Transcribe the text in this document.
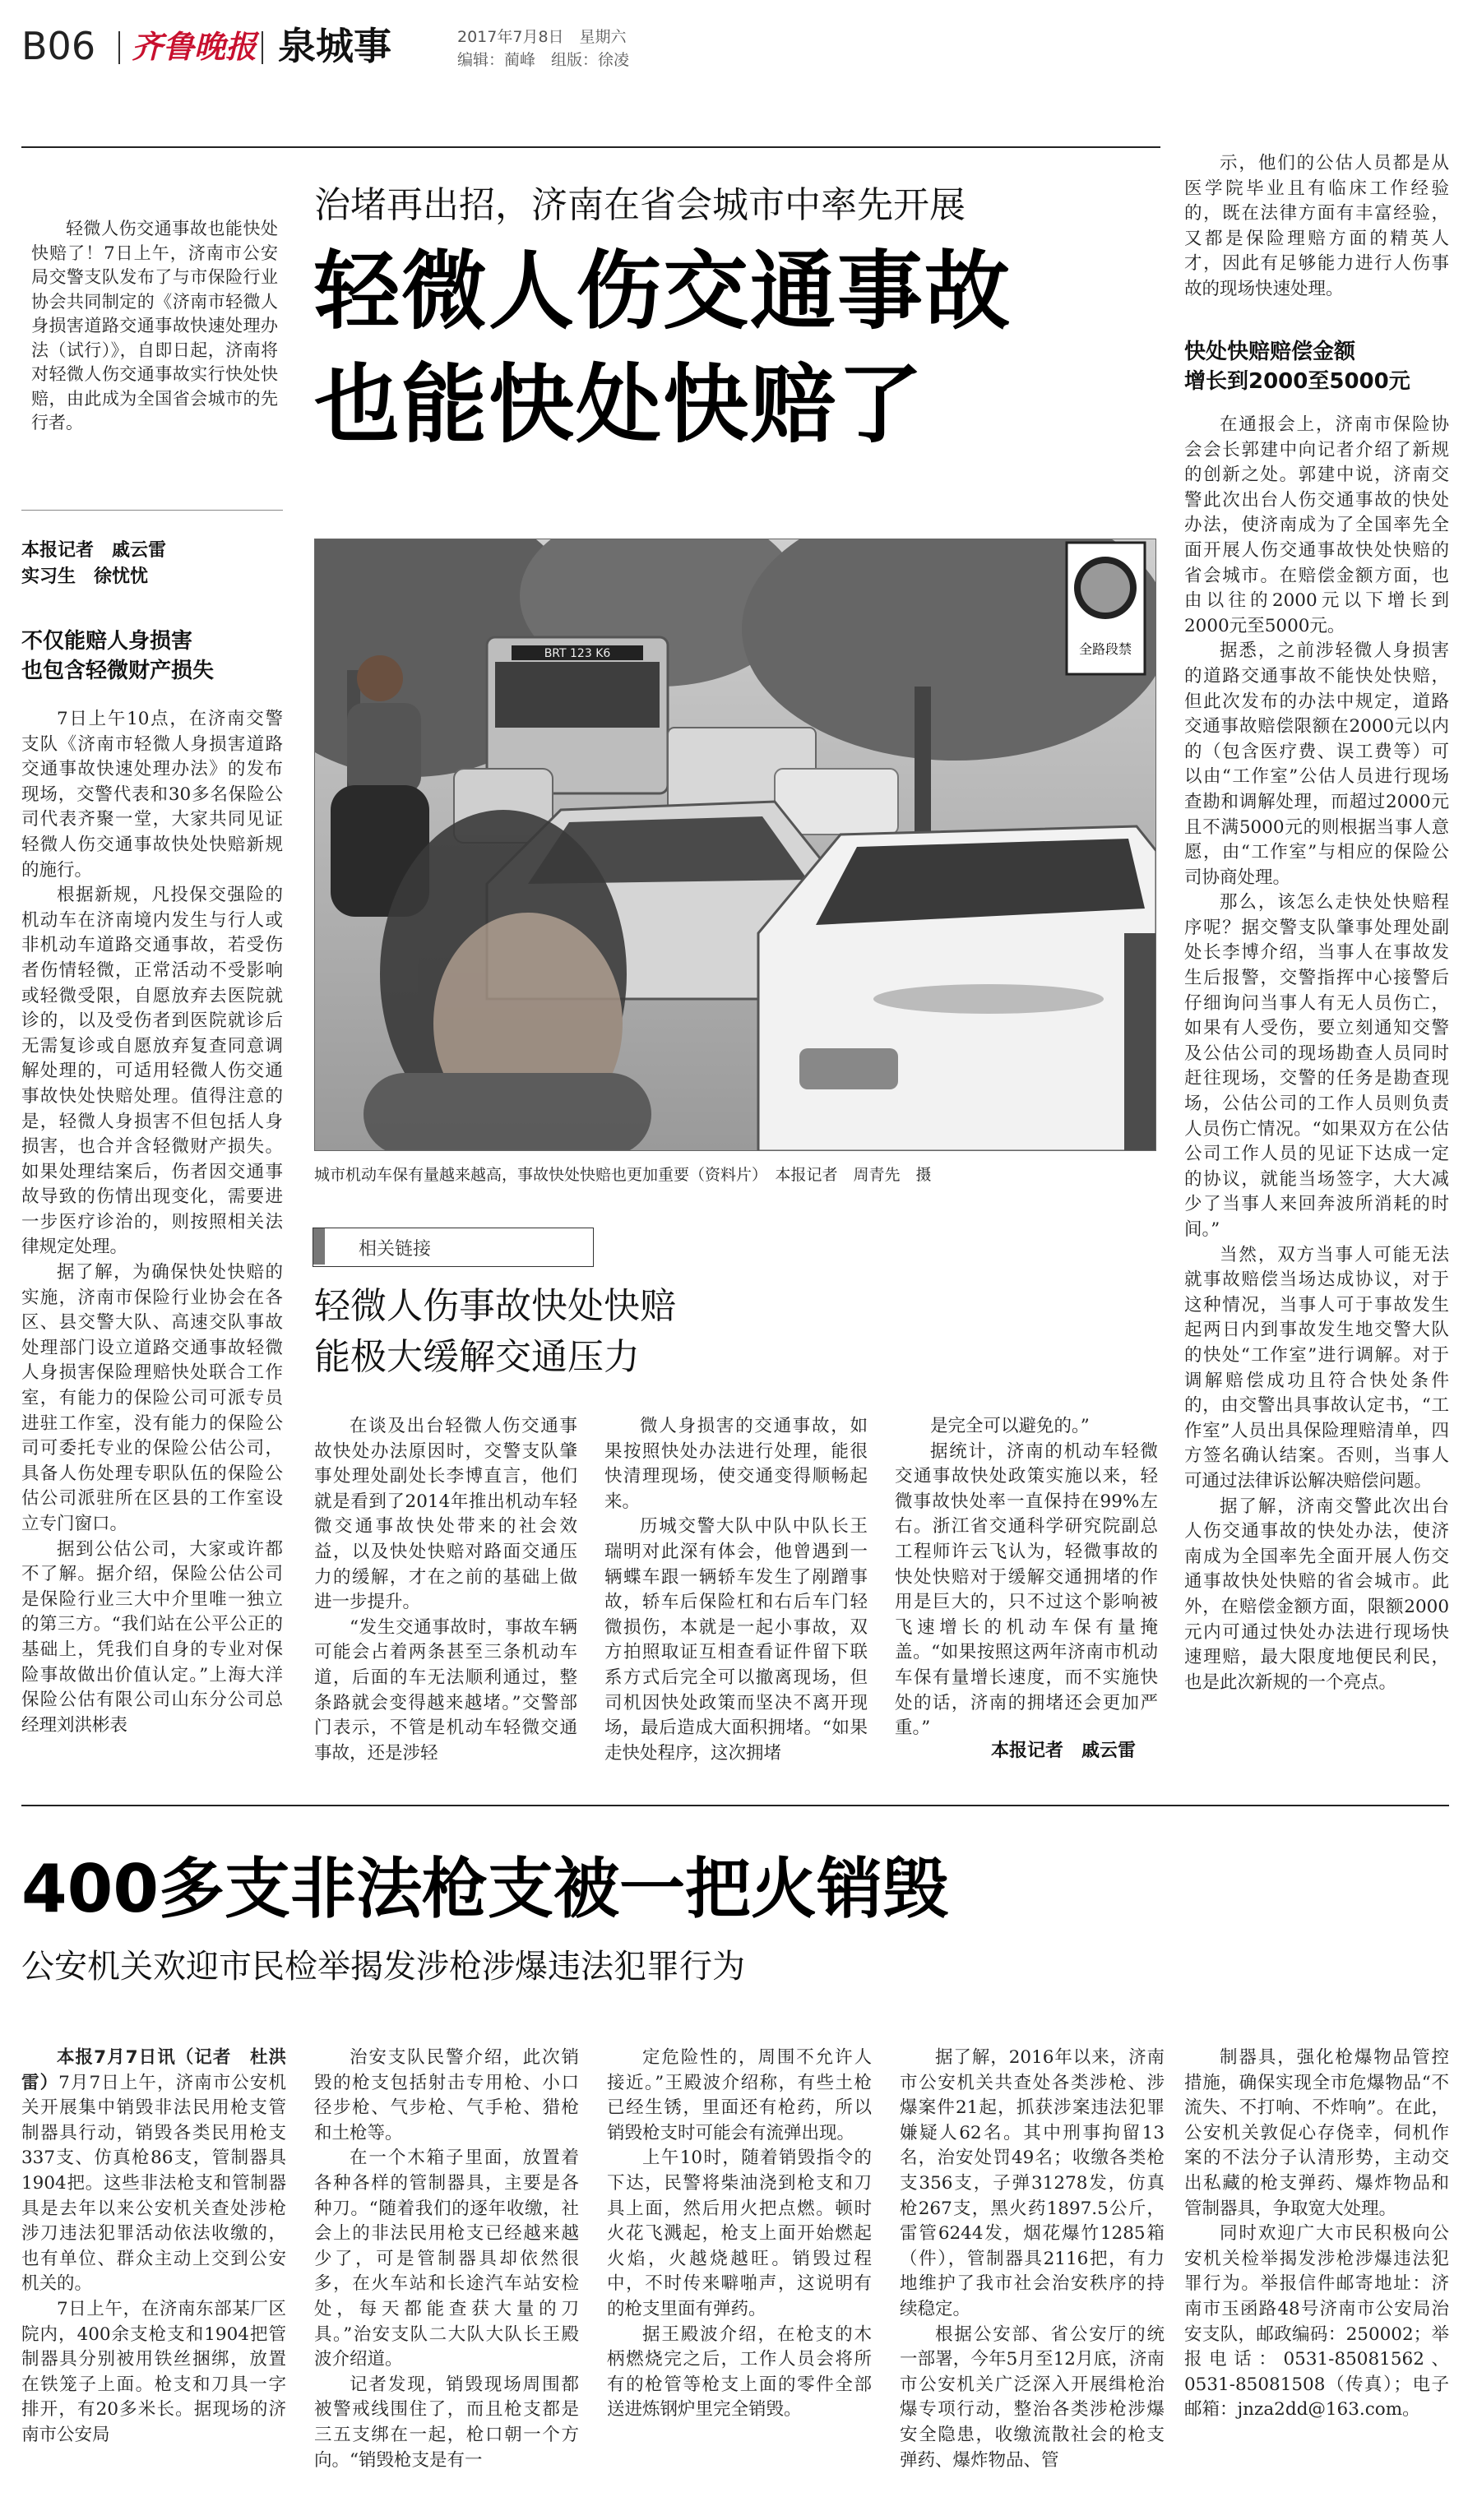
B06 齐鲁晚报 泉城事	2017年7月8日　星期六
编辑：蔺峰　组版：徐凌
治堵再出招，济南在省会城市中率先开展
轻微人伤交通事故
也能快处快赔了

轻微人伤交通事故也能快处快赔了！7日上午，济南市公安局交警支队发布了与市保险行业协会共同制定的《济南市轻微人身损害道路交通事故快速处理办法（试行）》，自即日起，济南将对轻微人伤交通事故实行快处快赔，由此成为全国省会城市的先行者。

本报记者　戚云雷
实习生　徐忧忧
不仅能赔人身损害
也包含轻微财产损失

7日上午10点，在济南交警支队《济南市轻微人身损害道路交通事故快速处理办法》的发布现场，交警代表和30多名保险公司代表齐聚一堂，大家共同见证轻微人伤交通事故快处快赔新规的施行。

根据新规，凡投保交强险的机动车在济南境内发生与行人或非机动车道路交通事故，若受伤者伤情轻微，正常活动不受影响或轻微受限，自愿放弃去医院就诊的，以及受伤者到医院就诊后无需复诊或自愿放弃复查同意调解处理的，可适用轻微人伤交通事故快处快赔处理。值得注意的是，轻微人身损害不但包括人身损害，也合并含轻微财产损失。如果处理结案后，伤者因交通事故导致的伤情出现变化，需要进一步医疗诊治的，则按照相关法律规定处理。

据了解，为确保快处快赔的实施，济南市保险行业协会在各区、县交警大队、高速交队事故处理部门设立道路交通事故轻微人身损害保险理赔快处联合工作室，有能力的保险公司可派专员进驻工作室，没有能力的保险公司可委托专业的保险公估公司，具备人伤处理专职队伍的保险公估公司派驻所在区县的工作室设立专门窗口。

据到公估公司，大家或许都不了解。据介绍，保险公估公司是保险行业三大中介里唯一独立的第三方。“我们站在公平公正的基础上，凭我们自身的专业对保险事故做出价值认定。”上海大洋保险公估有限公司山东分公司总经理刘洪彬表

BRT 123 K6	全路段禁
城市机动车保有量越来越高，事故快处快赔也更加重要（资料片）　本报记者　周青先　摄

示，他们的公估人员都是从医学院毕业且有临床工作经验的，既在法律方面有丰富经验，又都是保险理赔方面的精英人才，因此有足够能力进行人伤事故的现场快速处理。

快处快赔赔偿金额
增长到2000至5000元

在通报会上，济南市保险协会会长郭建中向记者介绍了新规的创新之处。郭建中说，济南交警此次出台人伤交通事故的快处办法，使济南成为了全国率先全面开展人伤交通事故快处快赔的省会城市。在赔偿金额方面，也由以往的2000元以下增长到2000元至5000元。

据悉，之前涉轻微人身损害的道路交通事故不能快处快赔，但此次发布的办法中规定，道路交通事故赔偿限额在2000元以内的（包含医疗费、误工费等）可以由“工作室”公估人员进行现场查勘和调解处理，而超过2000元且不满5000元的则根据当事人意愿，由“工作室”与相应的保险公司协商处理。

那么，该怎么走快处快赔程序呢？据交警支队肇事处理处副处长李博介绍，当事人在事故发生后报警，交警指挥中心接警后仔细询问当事人有无人员伤亡，如果有人受伤，要立刻通知交警及公估公司的现场勘查人员同时赶往现场，交警的任务是勘查现场，公估公司的工作人员则负责人员伤亡情况。“如果双方在公估公司工作人员的见证下达成一定的协议，就能当场签字，大大减少了当事人来回奔波所消耗的时间。”

当然，双方当事人可能无法就事故赔偿当场达成协议，对于这种情况，当事人可于事故发生起两日内到事故发生地交警大队的快处“工作室”进行调解。对于调解赔偿成功且符合快处条件的，由交警出具事故认定书，“工作室”人员出具保险理赔清单，四方签名确认结案。否则，当事人可通过法律诉讼解决赔偿问题。

据了解，济南交警此次出台人伤交通事故的快处办法，使济南成为全国率先全面开展人伤交通事故快处快赔的省会城市。此外，在赔偿金额方面，限额2000元内可通过快处办法进行现场快速理赔，最大限度地便民利民，也是此次新规的一个亮点。

相关链接
轻微人伤事故快处快赔
能极大缓解交通压力

在谈及出台轻微人伤交通事故快处办法原因时，交警支队肇事处理处副处长李博直言，他们就是看到了2014年推出机动车轻微交通事故快处带来的社会效益，以及快处快赔对路面交通压力的缓解，才在之前的基础上做进一步提升。

“发生交通事故时，事故车辆可能会占着两条甚至三条机动车道，后面的车无法顺利通过，整条路就会变得越来越堵。”交警部门表示，不管是机动车轻微交通事故，还是涉轻

微人身损害的交通事故，如果按照快处办法进行处理，能很快清理现场，使交通变得顺畅起来。

历城交警大队中队中队长王瑞明对此深有体会，他曾遇到一辆蝶车跟一辆轿车发生了剐蹭事故，轿车后保险杠和右后车门轻微损伤，本就是一起小事故，双方拍照取证互相查看证件留下联系方式后完全可以撤离现场，但司机因快处政策而坚决不离开现场，最后造成大面积拥堵。“如果走快处程序，这次拥堵

是完全可以避免的。”

据统计，济南的机动车轻微交通事故快处政策实施以来，轻微事故快处率一直保持在99%左右。浙江省交通科学研究院副总工程师许云飞认为，轻微事故的快处快赔对于缓解交通拥堵的作用是巨大的，只不过这个影响被飞速增长的机动车保有量掩盖。“如果按照这两年济南市机动车保有量增长速度，而不实施快处的话，济南的拥堵还会更加严重。”

本报记者　戚云雷
400多支非法枪支被一把火销毁
公安机关欢迎市民检举揭发涉枪涉爆违法犯罪行为

本报7月7日讯（记者　杜洪雷）7月7日上午，济南市公安机关开展集中销毁非法民用枪支管制器具行动，销毁各类民用枪支337支、仿真枪86支，管制器具1904把。这些非法枪支和管制器具是去年以来公安机关查处涉枪涉刀违法犯罪活动依法收缴的，也有单位、群众主动上交到公安机关的。

7日上午，在济南东部某厂区院内，400余支枪支和1904把管制器具分别被用铁丝捆绑，放置在铁笼子上面。枪支和刀具一字排开，有20多米长。据现场的济南市公安局

治安支队民警介绍，此次销毁的枪支包括射击专用枪、小口径步枪、气步枪、气手枪、猎枪和土枪等。

在一个木箱子里面，放置着各种各样的管制器具，主要是各种刀。“随着我们的逐年收缴，社会上的非法民用枪支已经越来越少了，可是管制器具却依然很多，在火车站和长途汽车站安检处，每天都能查获大量的刀具。”治安支队二大队大队长王殿波介绍道。

记者发现，销毁现场周围都被警戒线围住了，而且枪支都是三五支绑在一起，枪口朝一个方向。“销毁枪支是有一

定危险性的，周围不允许人接近。”王殿波介绍称，有些土枪已经生锈，里面还有枪药，所以销毁枪支时可能会有流弹出现。

上午10时，随着销毁指令的下达，民警将柴油浇到枪支和刀具上面，然后用火把点燃。顿时火花飞溅起，枪支上面开始燃起火焰，火越烧越旺。销毁过程中，不时传来噼啪声，这说明有的枪支里面有弹药。

据王殿波介绍，在枪支的木柄燃烧完之后，工作人员会将所有的枪管等枪支上面的零件全部送进炼钢炉里完全销毁。

据了解，2016年以来，济南市公安机关共查处各类涉枪、涉爆案件21起，抓获涉案违法犯罪嫌疑人62名。其中刑事拘留13名，治安处罚49名；收缴各类枪支356支，子弹31278发，仿真枪267支，黑火药1897.5公斤，雷管6244发，烟花爆竹1285箱（件），管制器具2116把，有力地维护了我市社会治安秩序的持续稳定。

根据公安部、省公安厅的统一部署，今年5月至12月底，济南市公安机关广泛深入开展缉枪治爆专项行动，整治各类涉枪涉爆安全隐患，收缴流散社会的枪支弹药、爆炸物品、管

制器具，强化枪爆物品管控措施，确保实现全市危爆物品“不流失、不打响、不炸响”。在此，公安机关敦促心存侥幸，伺机作案的不法分子认清形势，主动交出私藏的枪支弹药、爆炸物品和管制器具，争取宽大处理。

同时欢迎广大市民积极向公安机关检举揭发涉枪涉爆违法犯罪行为。举报信件邮寄地址：济南市玉函路48号济南市公安局治安支队，邮政编码：250002；举报电话：0531-85081562、0531-85081508（传真）；电子邮箱：jnza2dd@163.com。
